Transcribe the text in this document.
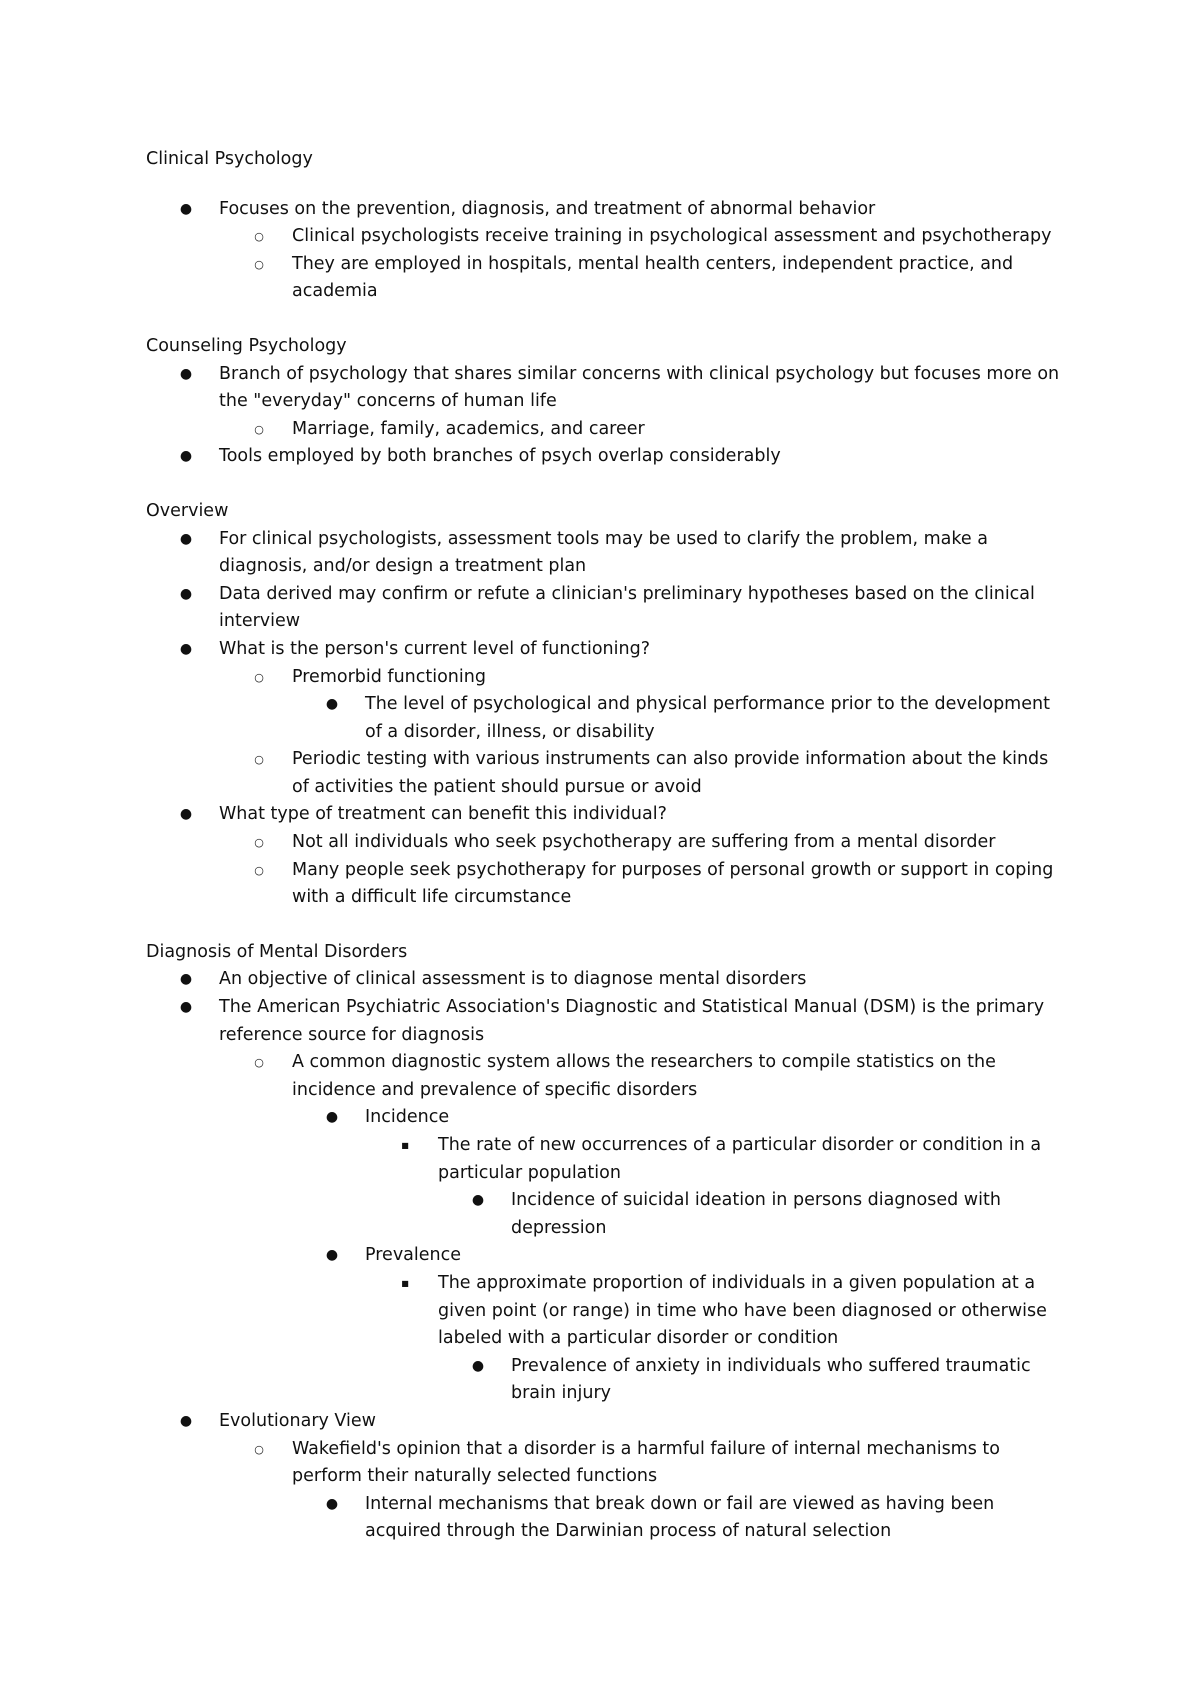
Clinical Psychology

● Focuses on the prevention, diagnosis, and treatment of abnormal behavior

○ Clinical psychologists receive training in psychological assessment and psychotherapy

○ They are employed in hospitals, mental health centers, independent practice, and academia

Counseling Psychology

● Branch of psychology that shares similar concerns with clinical psychology but focuses more on the "everyday" concerns of human life

○ Marriage, family, academics, and career

● Tools employed by both branches of psych overlap considerably

Overview

● For clinical psychologists, assessment tools may be used to clarify the problem, make a diagnosis, and/or design a treatment plan

● Data derived may confirm or refute a clinician's preliminary hypotheses based on the clinical interview

● What is the person's current level of functioning?

○ Premorbid functioning

● The level of psychological and physical performance prior to the development of a disorder, illness, or disability

○ Periodic testing with various instruments can also provide information about the kinds of activities the patient should pursue or avoid

● What type of treatment can benefit this individual?

○ Not all individuals who seek psychotherapy are suffering from a mental disorder

○ Many people seek psychotherapy for purposes of personal growth or support in coping with a difficult life circumstance

Diagnosis of Mental Disorders

● An objective of clinical assessment is to diagnose mental disorders

● The American Psychiatric Association's Diagnostic and Statistical Manual (DSM) is the primary reference source for diagnosis

○ A common diagnostic system allows the researchers to compile statistics on the incidence and prevalence of specific disorders

● Incidence

■	The rate of new occurrences of a particular disorder or condition in a particular population

● Incidence of suicidal ideation in persons diagnosed with depression

● Prevalence

■	The approximate proportion of individuals in a given population at a given point (or range) in time who have been diagnosed or otherwise labeled with a particular disorder or condition

● Prevalence of anxiety in individuals who suffered traumatic brain injury

● Evolutionary View

○ Wakefield's opinion that a disorder is a harmful failure of internal mechanisms to perform their naturally selected functions

● Internal mechanisms that break down or fail are viewed as having been acquired through the Darwinian process of natural selection
